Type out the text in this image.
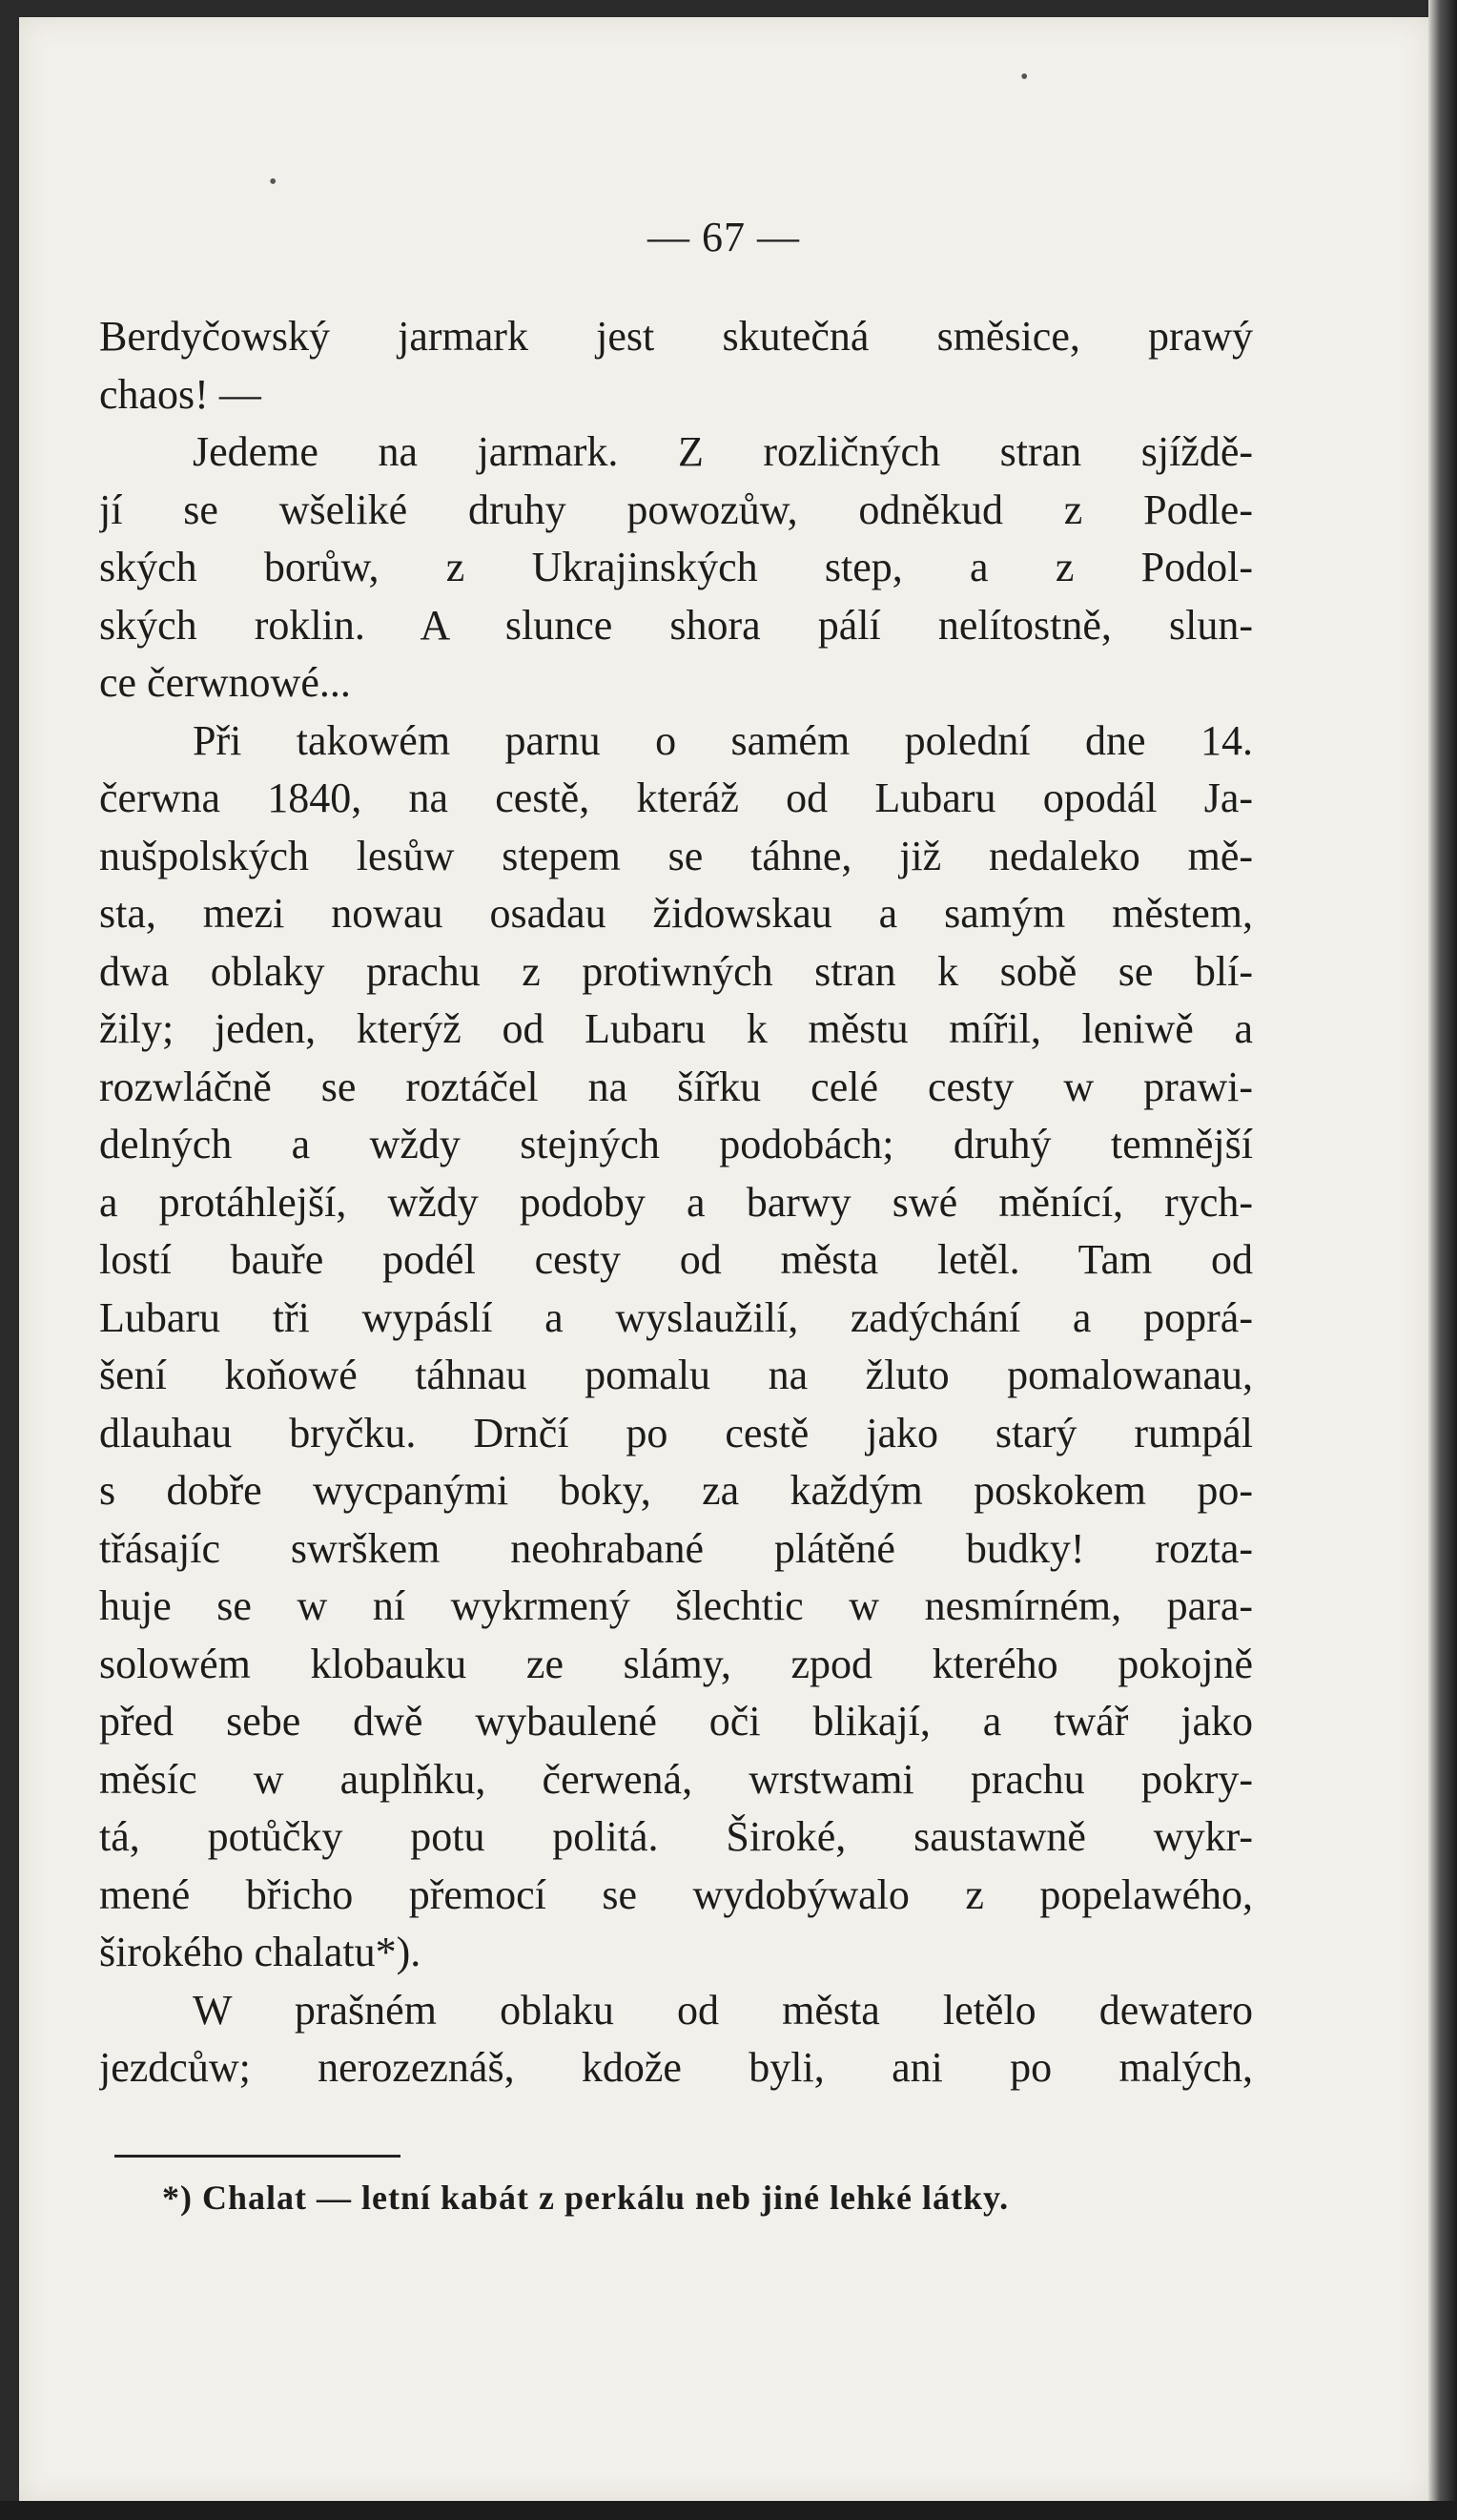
•
•
— 67 —
Berdyčowský jarmark jest skutečná směsice, prawý
chaos! —
Jedeme na jarmark. Z rozličných stran sjíždě-
jí se wšeliké druhy powozůw, odněkud z Podle-
ských borůw, z Ukrajinských step, a z Podol-
ských roklin. A slunce shora pálí nelítostně, slun-
ce čerwnowé...
Při takowém parnu o samém polední dne 14.
čerwna 1840, na cestě, kteráž od Lubaru opodál Ja-
nušpolských lesůw stepem se táhne, již nedaleko mě-
sta, mezi nowau osadau židowskau a samým městem,
dwa oblaky prachu z protiwných stran k sobě se blí-
žily; jeden, kterýž od Lubaru k městu mířil, leniwě a
rozwláčně se roztáčel na šířku celé cesty w prawi-
delných a wždy stejných podobách; druhý temnější
a protáhlejší, wždy podoby a barwy swé měnící, rych-
lostí bauře podél cesty od města letěl. Tam od
Lubaru tři wypáslí a wyslaužilí, zadýchání a poprá-
šení koňowé táhnau pomalu na žluto pomalowanau,
dlauhau bryčku. Drnčí po cestě jako starý rumpál
s dobře wycpanými boky, za každým poskokem po-
třásajíc swrškem neohrabané plátěné budky! rozta-
huje se w ní wykrmený šlechtic w nesmírném, para-
solowém klobauku ze slámy, zpod kterého pokojně
před sebe dwě wybaulené oči blikají, a twář jako
měsíc w auplňku, čerwená, wrstwami prachu pokry-
tá, potůčky potu politá. Široké, saustawně wykr-
mené břicho přemocí se wydobýwalo z popelawého,
širokého chalatu*).
W prašném oblaku od města letělo dewatero
jezdcůw; nerozeznáš, kdože byli, ani po malých,
*) Chalat — letní kabát z perkálu neb jiné lehké látky.
